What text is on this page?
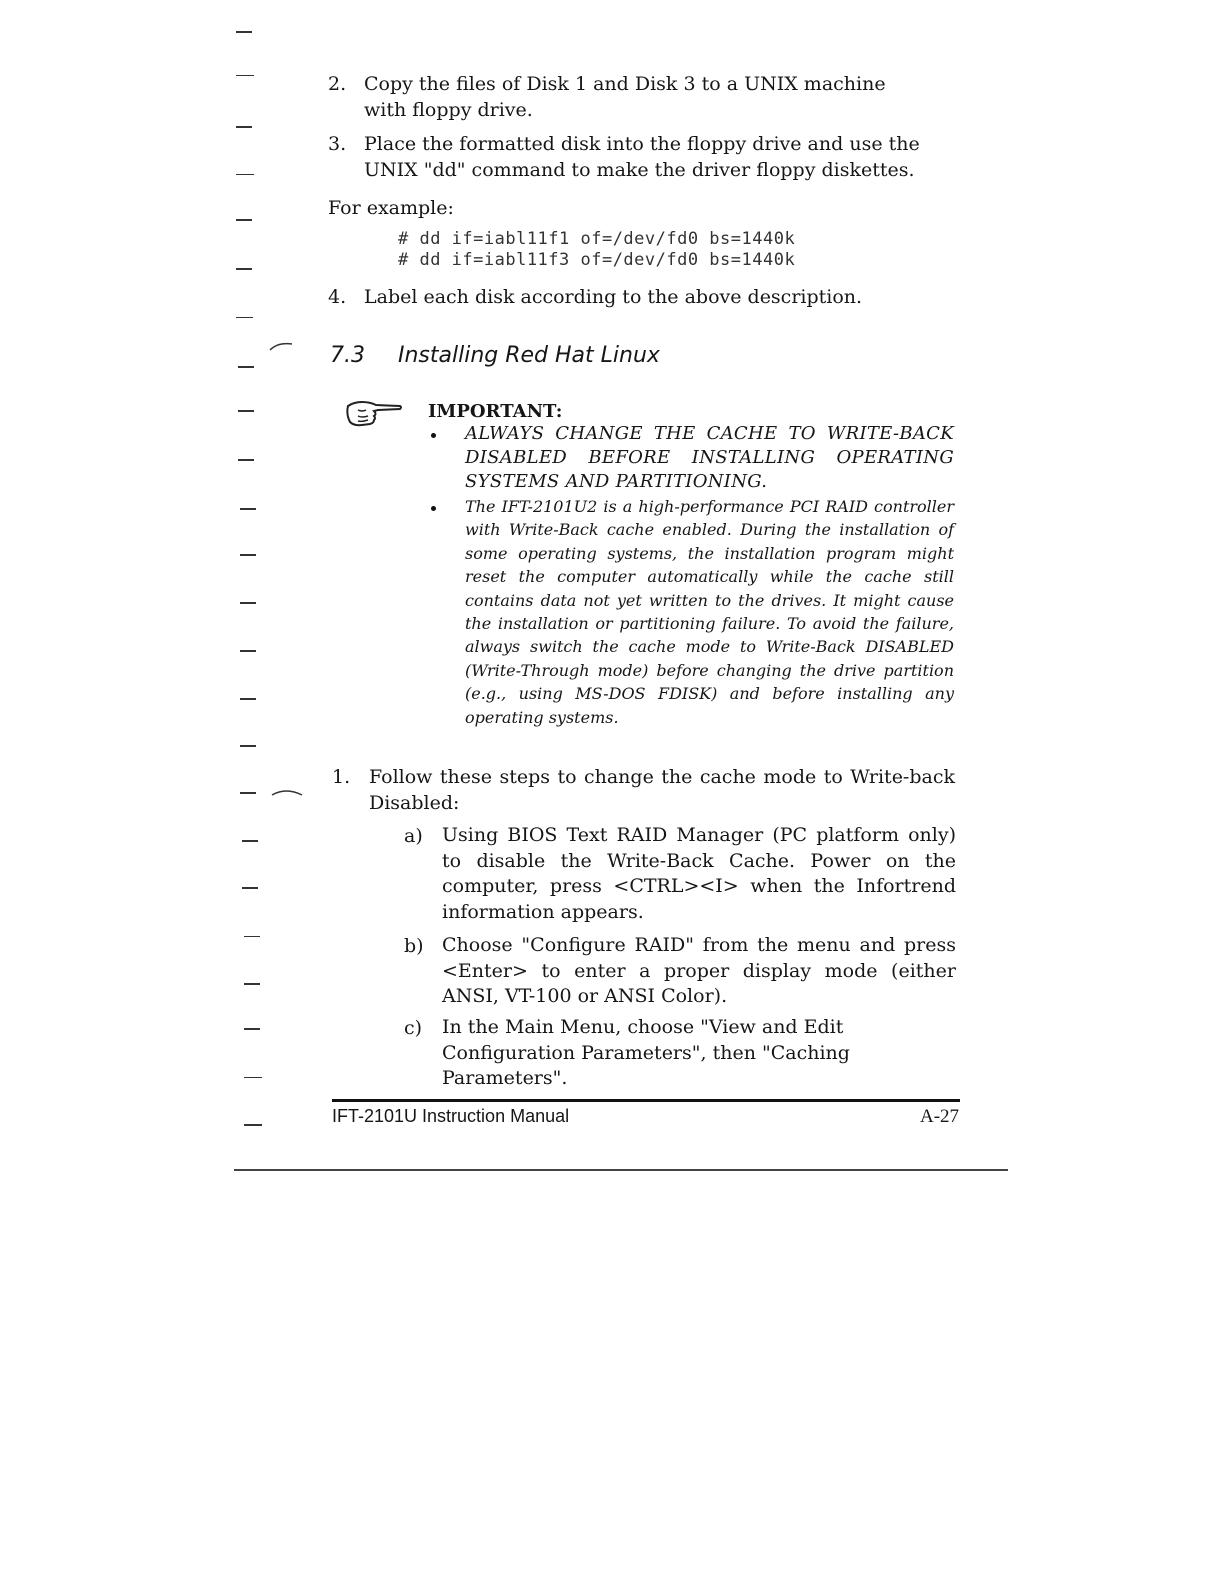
2. Copy the files of Disk 1 and Disk 3 to a UNIX machine with floppy drive.
3. Place the formatted disk into the floppy drive and use the UNIX "dd" command to make the driver floppy diskettes.
For example:
# dd if=iabl11f1 of=/dev/fd0 bs=1440k
# dd if=iabl11f3 of=/dev/fd0 bs=1440k
4. Label each disk according to the above description.
7.3 Installing Red Hat Linux
IMPORTANT:
ALWAYS CHANGE THE CACHE TO WRITE-BACK DISABLED BEFORE INSTALLING OPERATING SYSTEMS AND PARTITIONING.
The IFT-2101U2 is a high-performance PCI RAID controller with Write-Back cache enabled. During the installation of some operating systems, the installation program might reset the computer automatically while the cache still contains data not yet written to the drives. It might cause the installation or partitioning failure. To avoid the failure, always switch the cache mode to Write-Back DISABLED (Write-Through mode) before changing the drive partition (e.g., using MS-DOS FDISK) and before installing any operating systems.
1. Follow these steps to change the cache mode to Write-back Disabled:
a)	Using BIOS Text RAID Manager (PC platform only) to disable the Write-Back Cache. Power on the computer, press <CTRL><I> when the Infortrend information appears.
b) Choose "Configure RAID" from the menu and press <Enter> to enter a proper display mode (either ANSI, VT-100 or ANSI Color).
c)	In the Main Menu, choose "View and Edit Configuration Parameters", then "Caching Parameters".
IFT-2101U Instruction Manual	A-27
